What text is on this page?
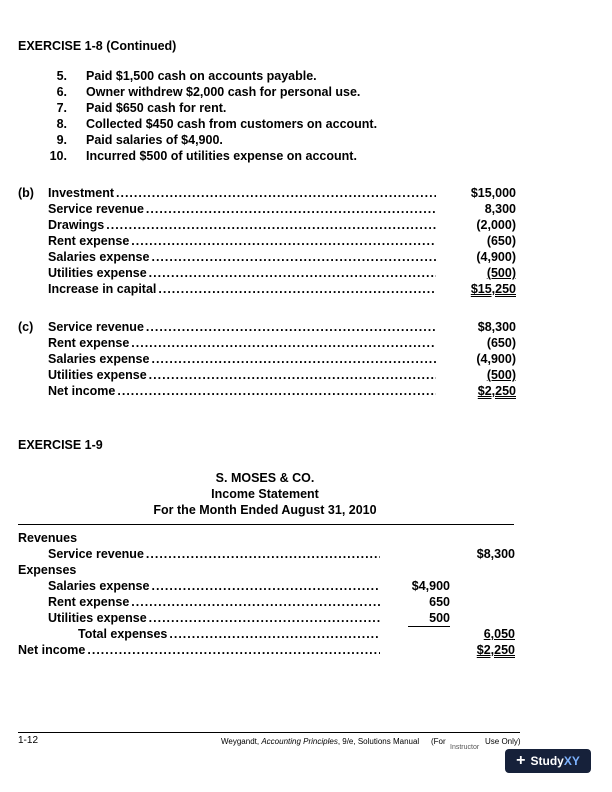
EXERCISE 1-8 (Continued)
5. Paid $1,500 cash on accounts payable.
6. Owner withdrew $2,000 cash for personal use.
7. Paid $650 cash for rent.
8. Collected $450 cash from customers on account.
9. Paid salaries of $4,900.
10. Incurred $500 of utilities expense on account.
(b) Investment .....	$15,000
Service revenue .....	8,300
Drawings .....	(2,000)
Rent expense .....	(650)
Salaries expense .....	(4,900)
Utilities expense .....	(500)
Increase in capital .....	$15,250
(c) Service revenue .....	$8,300
Rent expense .....	(650)
Salaries expense .....	(4,900)
Utilities expense .....	(500)
Net income .....	$2,250
EXERCISE 1-9
S. MOSES & CO.
Income Statement
For the Month Ended August 31, 2010
Revenues
Service revenue .....	$8,300
Expenses
Salaries expense .....	$4,900
Rent expense .....	650
Utilities expense .....	500
Total expenses .....	6,050
Net income .....	$2,250
1-12	Weygandt, Accounting Principles, 9/e, Solutions Manual (For
Instructor
Use Only)
+ Study XY
